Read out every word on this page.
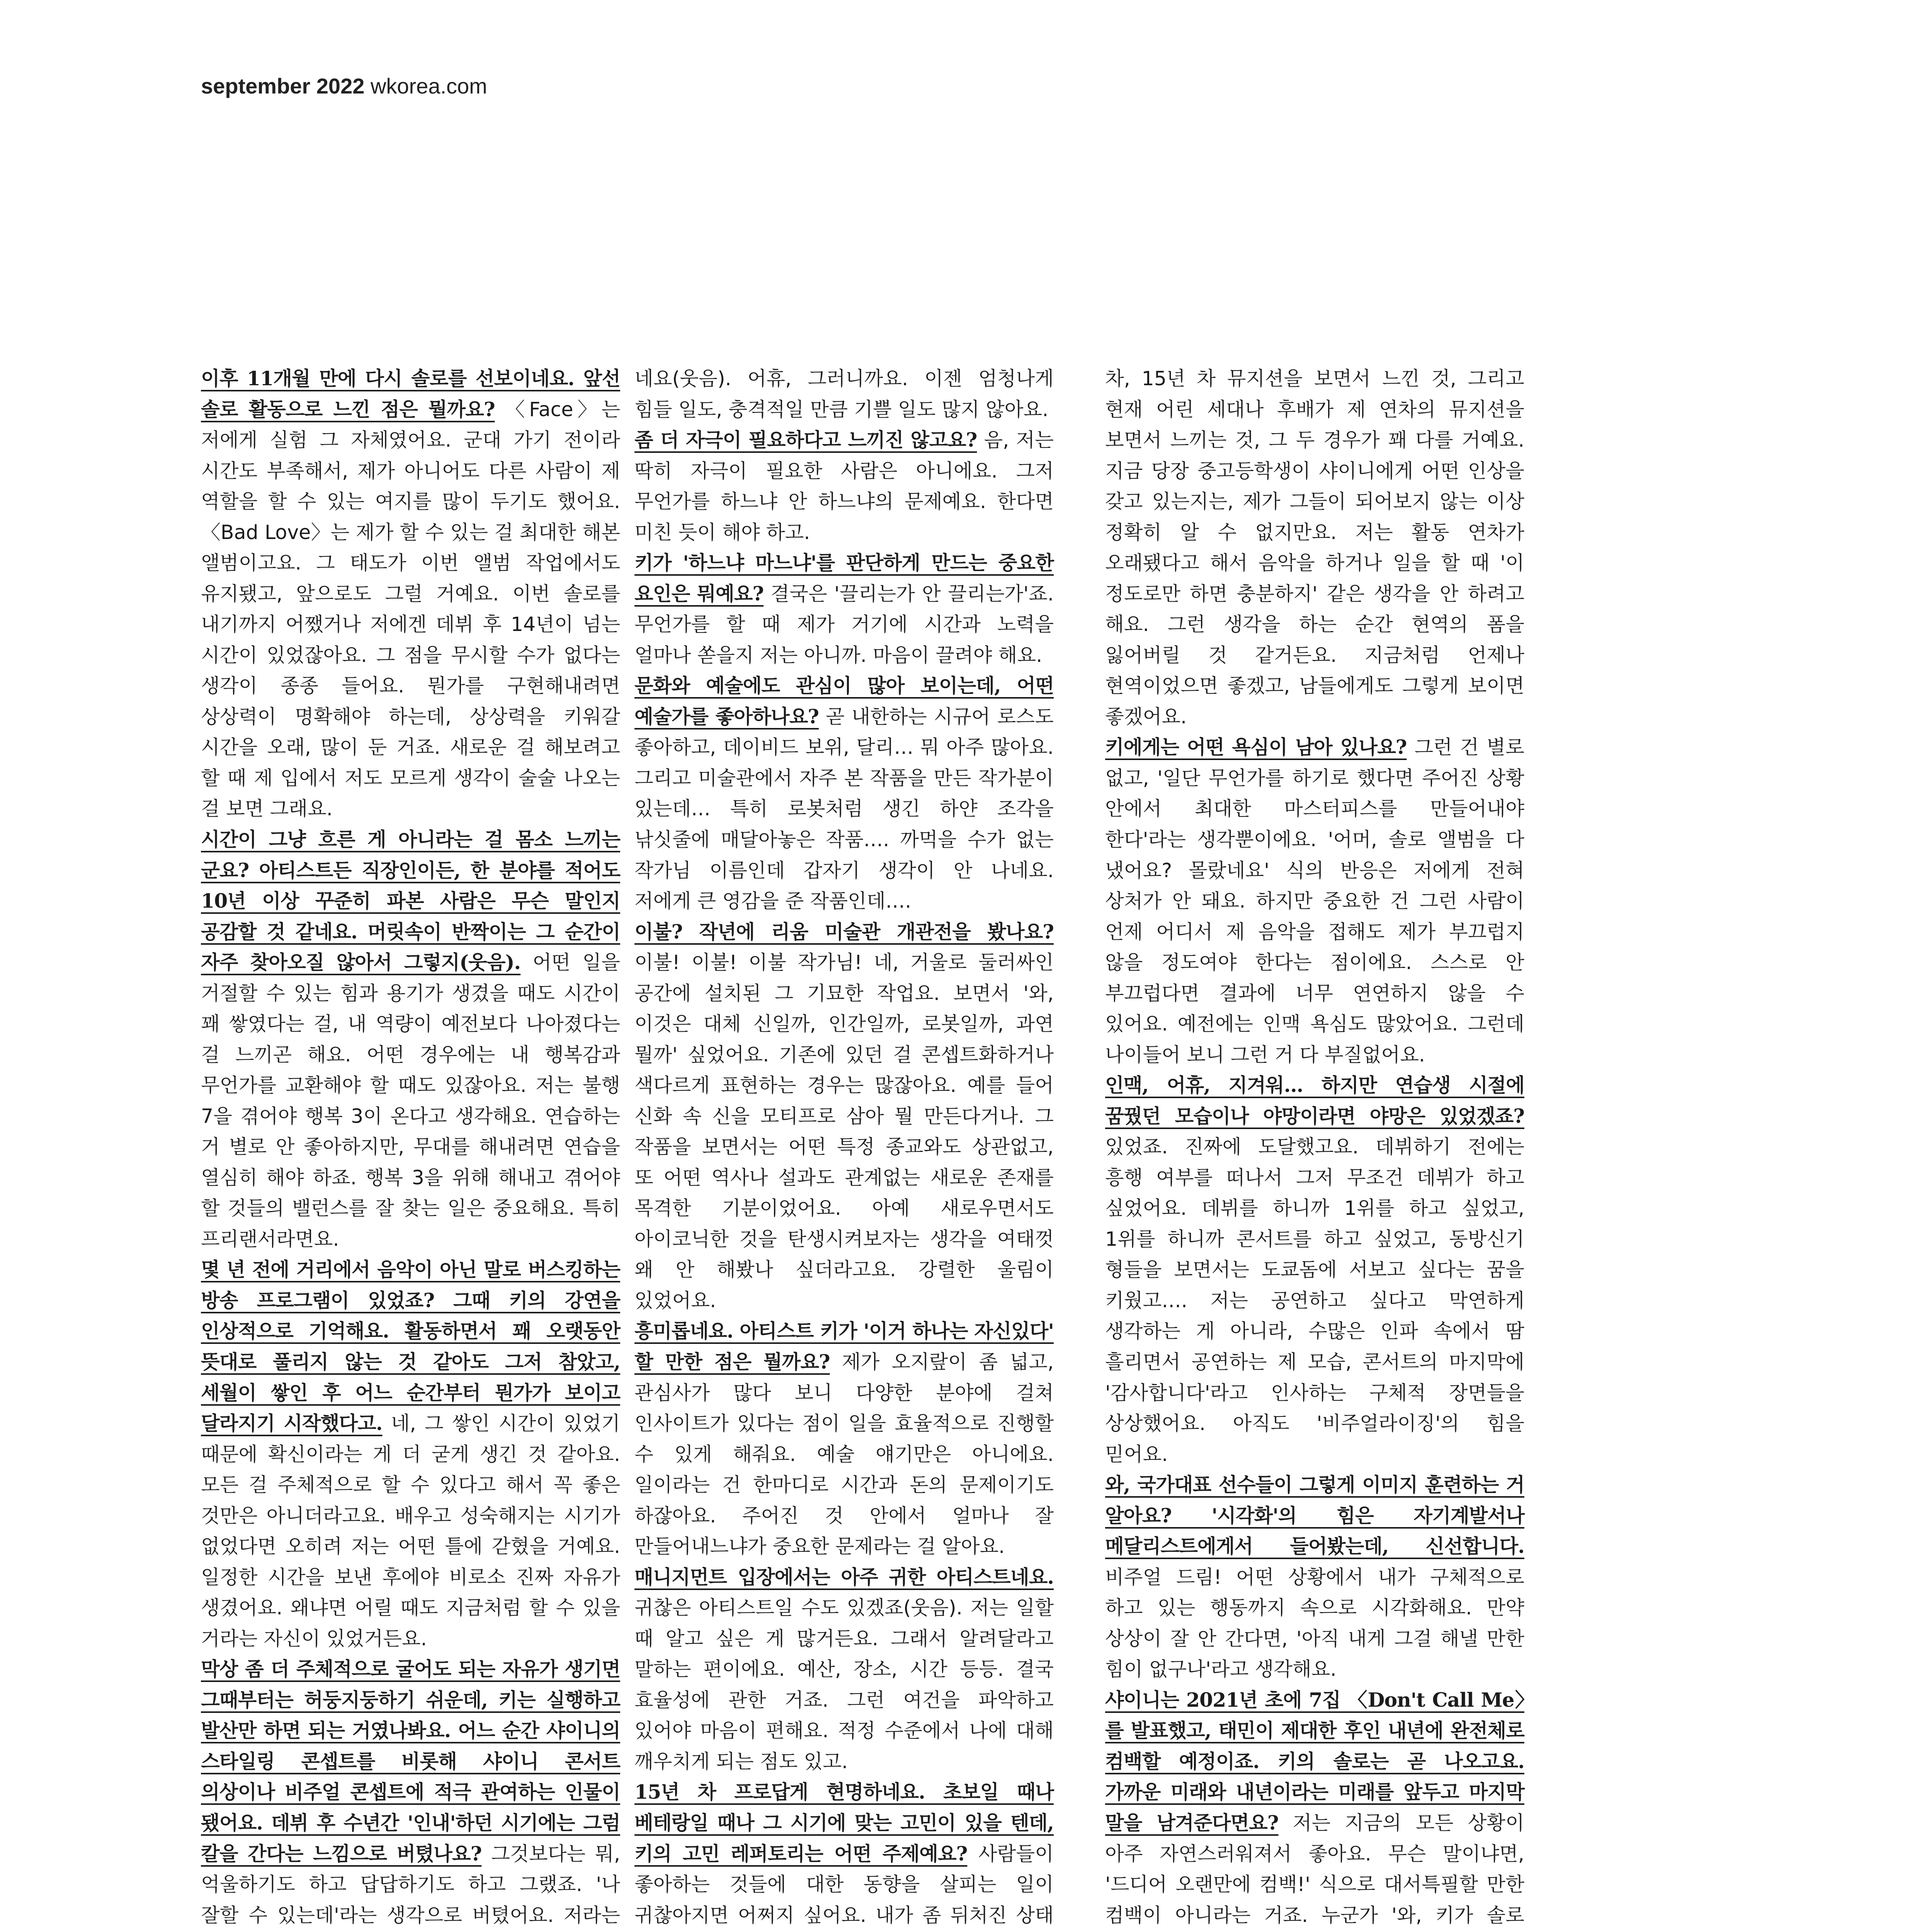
september 2022 wkorea.com

이후 11개월 만에 다시 솔로를 선보이네요. 앞선 솔로 활동으로 느낀 점은 뭘까요? 〈Face〉는 저에게 실험 그 자체였어요. 군대 가기 전이라 시간도 부족해서, 제가 아니어도 다른 사람이 제 역할을 할 수 있는 여지를 많이 두기도 했어요. 〈Bad Love〉는 제가 할 수 있는 걸 최대한 해본 앨범이고요. 그 태도가 이번 앨범 작업에서도 유지됐고, 앞으로도 그럴 거예요. 이번 솔로를 내기까지 어쨌거나 저에겐 데뷔 후 14년이 넘는 시간이 있었잖아요. 그 점을 무시할 수가 없다는 생각이 종종 들어요. 뭔가를 구현해내려면 상상력이 명확해야 하는데, 상상력을 키워갈 시간을 오래, 많이 둔 거죠. 새로운 걸 해보려고 할 때 제 입에서 저도 모르게 생각이 술술 나오는 걸 보면 그래요.

시간이 그냥 흐른 게 아니라는 걸 몸소 느끼는 군요? 아티스트든 직장인이든, 한 분야를 적어도 10년 이상 꾸준히 파본 사람은 무슨 말인지 공감할 것 같네요. 머릿속이 반짝이는 그 순간이 자주 찾아오질 않아서 그렇지(웃음). 어떤 일을 거절할 수 있는 힘과 용기가 생겼을 때도 시간이 꽤 쌓였다는 걸, 내 역량이 예전보다 나아졌다는 걸 느끼곤 해요. 어떤 경우에는 내 행복감과 무언가를 교환해야 할 때도 있잖아요. 저는 불행 7을 겪어야 행복 3이 온다고 생각해요. 연습하는 거 별로 안 좋아하지만, 무대를 해내려면 연습을 열심히 해야 하죠. 행복 3을 위해 해내고 겪어야 할 것들의 밸런스를 잘 찾는 일은 중요해요. 특히 프리랜서라면요.

몇 년 전에 거리에서 음악이 아닌 말로 버스킹하는 방송 프로그램이 있었죠? 그때 키의 강연을 인상적으로 기억해요. 활동하면서 꽤 오랫동안 뜻대로 풀리지 않는 것 같아도 그저 참았고, 세월이 쌓인 후 어느 순간부터 뭔가가 보이고 달라지기 시작했다고. 네, 그 쌓인 시간이 있었기 때문에 확신이라는 게 더 굳게 생긴 것 같아요. 모든 걸 주체적으로 할 수 있다고 해서 꼭 좋은 것만은 아니더라고요. 배우고 성숙해지는 시기가 없었다면 오히려 저는 어떤 틀에 갇혔을 거예요. 일정한 시간을 보낸 후에야 비로소 진짜 자유가 생겼어요. 왜냐면 어릴 때도 지금처럼 할 수 있을 거라는 자신이 있었거든요.

막상 좀 더 주체적으로 굴어도 되는 자유가 생기면 그때부터는 허둥지둥하기 쉬운데, 키는 실행하고 발산만 하면 되는 거였나봐요. 어느 순간 샤이니의 스타일링 콘셉트를 비롯해 샤이니 콘서트 의상이나 비주얼 콘셉트에 적극 관여하는 인물이 됐어요. 데뷔 후 수년간 '인내'하던 시기에는 그럼 칼을 간다는 느낌으로 버텼나요? 그것보다는 뭐, 억울하기도 하고 답답하기도 하고 그랬죠. '나 잘할 수 있는데'라는 생각으로 버텼어요. 저라는

네요(웃음). 어휴, 그러니까요. 이젠 엄청나게 힘들 일도, 충격적일 만큼 기쁠 일도 많지 않아요.

좀 더 자극이 필요하다고 느끼진 않고요? 음, 저는 딱히 자극이 필요한 사람은 아니에요. 그저 무언가를 하느냐 안 하느냐의 문제예요. 한다면 미친 듯이 해야 하고.

키가 '하느냐 마느냐'를 판단하게 만드는 중요한 요인은 뭐예요? 결국은 '끌리는가 안 끌리는가'죠. 무언가를 할 때 제가 거기에 시간과 노력을 얼마나 쏟을지 저는 아니까. 마음이 끌려야 해요.

문화와 예술에도 관심이 많아 보이는데, 어떤 예술가를 좋아하나요? 곧 내한하는 시규어 로스도 좋아하고, 데이비드 보위, 달리… 뭐 아주 많아요. 그리고 미술관에서 자주 본 작품을 만든 작가분이 있는데… 특히 로봇처럼 생긴 하얀 조각을 낚싯줄에 매달아놓은 작품…. 까먹을 수가 없는 작가님 이름인데 갑자기 생각이 안 나네요. 저에게 큰 영감을 준 작품인데….

이불? 작년에 리움 미술관 개관전을 봤나요? 이불! 이불! 이불 작가님! 네, 거울로 둘러싸인 공간에 설치된 그 기묘한 작업요. 보면서 '와, 이것은 대체 신일까, 인간일까, 로봇일까, 과연 뭘까' 싶었어요. 기존에 있던 걸 콘셉트화하거나 색다르게 표현하는 경우는 많잖아요. 예를 들어 신화 속 신을 모티프로 삼아 뭘 만든다거나. 그 작품을 보면서는 어떤 특정 종교와도 상관없고, 또 어떤 역사나 설과도 관계없는 새로운 존재를 목격한 기분이었어요. 아예 새로우면서도 아이코닉한 것을 탄생시켜보자는 생각을 여태껏 왜 안 해봤나 싶더라고요. 강렬한 울림이 있었어요.

흥미롭네요. 아티스트 키가 '이거 하나는 자신있다' 할 만한 점은 뭘까요? 제가 오지랖이 좀 넓고, 관심사가 많다 보니 다양한 분야에 걸쳐 인사이트가 있다는 점이 일을 효율적으로 진행할 수 있게 해줘요. 예술 얘기만은 아니에요. 일이라는 건 한마디로 시간과 돈의 문제이기도 하잖아요. 주어진 것 안에서 얼마나 잘 만들어내느냐가 중요한 문제라는 걸 알아요.

매니지먼트 입장에서는 아주 귀한 아티스트네요. 귀찮은 아티스트일 수도 있겠죠(웃음). 저는 일할 때 알고 싶은 게 많거든요. 그래서 알려달라고 말하는 편이에요. 예산, 장소, 시간 등등. 결국 효율성에 관한 거죠. 그런 여건을 파악하고 있어야 마음이 편해요. 적정 수준에서 나에 대해 깨우치게 되는 점도 있고.

15년 차 프로답게 현명하네요. 초보일 때나 베테랑일 때나 그 시기에 맞는 고민이 있을 텐데, 키의 고민 레퍼토리는 어떤 주제예요? 사람들이 좋아하는 것들에 대한 동향을 살피는 일이 귀찮아지면 어쩌지 싶어요. 내가 좀 뒤처진 상태

차, 15년 차 뮤지션을 보면서 느낀 것, 그리고 현재 어린 세대나 후배가 제 연차의 뮤지션을 보면서 느끼는 것, 그 두 경우가 꽤 다를 거예요. 지금 당장 중고등학생이 샤이니에게 어떤 인상을 갖고 있는지는, 제가 그들이 되어보지 않는 이상 정확히 알 수 없지만요. 저는 활동 연차가 오래됐다고 해서 음악을 하거나 일을 할 때 '이 정도로만 하면 충분하지' 같은 생각을 안 하려고 해요. 그런 생각을 하는 순간 현역의 폼을 잃어버릴 것 같거든요. 지금처럼 언제나 현역이었으면 좋겠고, 남들에게도 그렇게 보이면 좋겠어요.

키에게는 어떤 욕심이 남아 있나요? 그런 건 별로 없고, '일단 무언가를 하기로 했다면 주어진 상황 안에서 최대한 마스터피스를 만들어내야 한다'라는 생각뿐이에요. '어머, 솔로 앨범을 다 냈어요? 몰랐네요' 식의 반응은 저에게 전혀 상처가 안 돼요. 하지만 중요한 건 그런 사람이 언제 어디서 제 음악을 접해도 제가 부끄럽지 않을 정도여야 한다는 점이에요. 스스로 안 부끄럽다면 결과에 너무 연연하지 않을 수 있어요. 예전에는 인맥 욕심도 많았어요. 그런데 나이들어 보니 그런 거 다 부질없어요.

인맥, 어휴, 지겨워… 하지만 연습생 시절에 꿈꿨던 모습이나 야망이라면 야망은 있었겠죠? 있었죠. 진짜에 도달했고요. 데뷔하기 전에는 흥행 여부를 떠나서 그저 무조건 데뷔가 하고 싶었어요. 데뷔를 하니까 1위를 하고 싶었고, 1위를 하니까 콘서트를 하고 싶었고, 동방신기 형들을 보면서는 도쿄돔에 서보고 싶다는 꿈을 키웠고…. 저는 공연하고 싶다고 막연하게 생각하는 게 아니라, 수많은 인파 속에서 땀 흘리면서 공연하는 제 모습, 콘서트의 마지막에 '감사합니다'라고 인사하는 구체적 장면들을 상상했어요. 아직도 '비주얼라이징'의 힘을 믿어요.

와, 국가대표 선수들이 그렇게 이미지 훈련하는 거 알아요? '시각화'의 힘은 자기계발서나 메달리스트에게서 들어봤는데, 신선합니다. 비주얼 드림! 어떤 상황에서 내가 구체적으로 하고 있는 행동까지 속으로 시각화해요. 만약 상상이 잘 안 간다면, '아직 내게 그걸 해낼 만한 힘이 없구나'라고 생각해요.

샤이니는 2021년 초에 7집 〈Don't Call Me〉를 발표했고, 태민이 제대한 후인 내년에 완전체로 컴백할 예정이죠. 키의 솔로는 곧 나오고요. 가까운 미래와 내년이라는 미래를 앞두고 마지막 말을 남겨준다면요? 저는 지금의 모든 상황이 아주 자연스러워져서 좋아요. 무슨 말이냐면, '드디어 오랜만에 컴백!' 식으로 대서특필할 만한 컴백이 아니라는 거죠. 누군가 '와, 키가 솔로
